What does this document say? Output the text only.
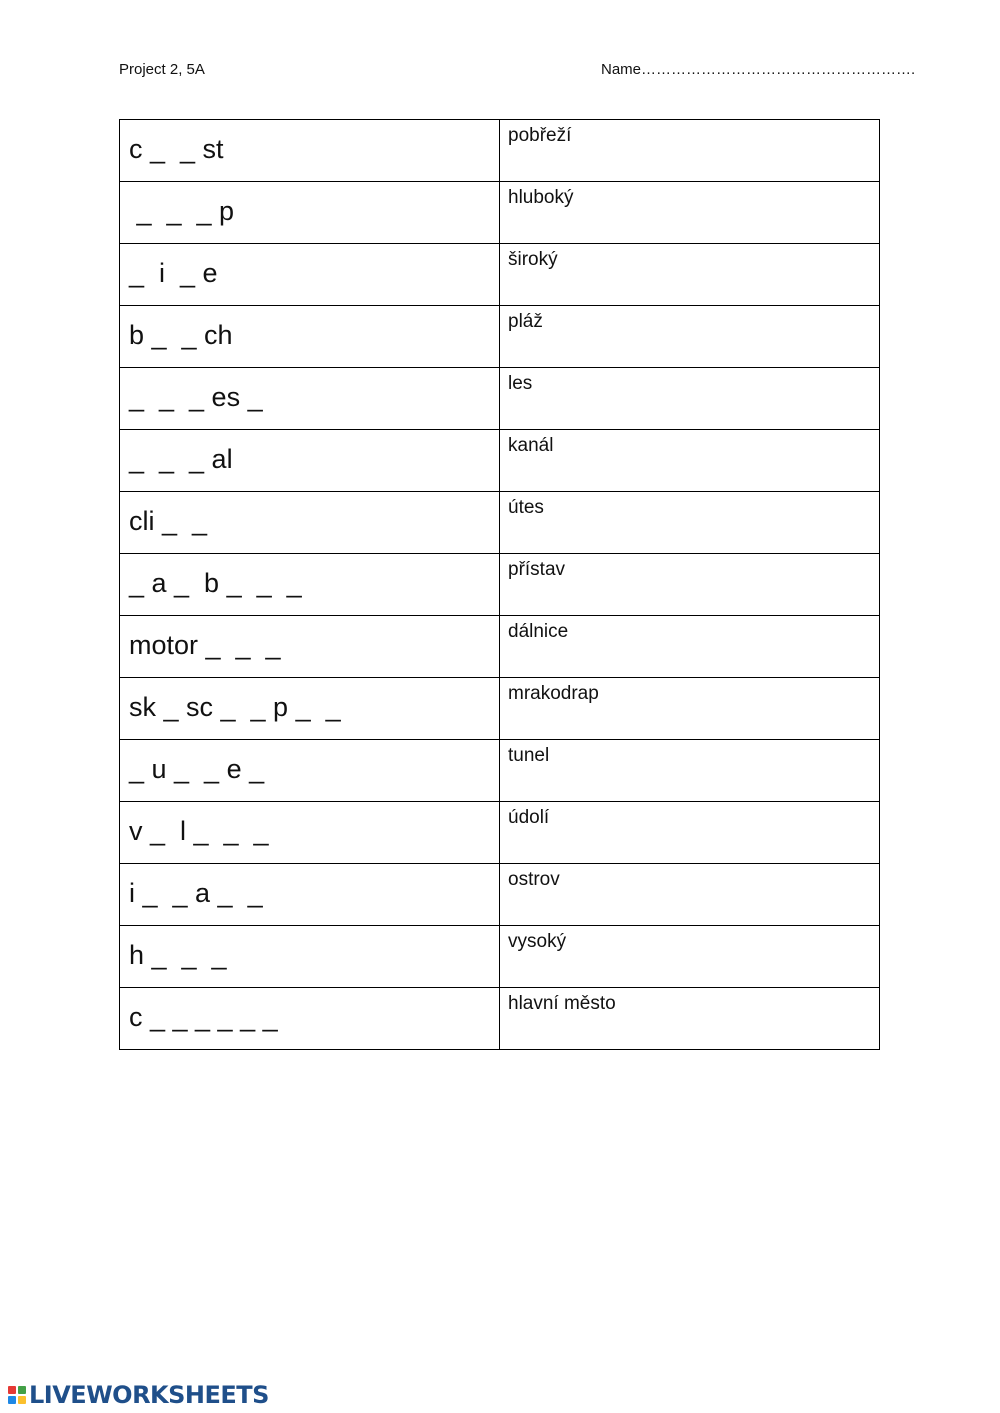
Project 2, 5A	Name……………………………………………….
c _  _ st	pobřeží
_  _  _ p	hluboký
_  i  _ e	široký
b _  _ ch	pláž
_  _  _ es _	les
_  _  _ al	kanál
cli _  _	útes
_ a _  b _  _  _	přístav
motor _  _  _	dálnice
sk _ sc _  _ p _  _	mrakodrap
_ u _  _ e _	tunel
v _  l _  _  _	údolí
i _  _ a _  _	ostrov
h _  _  _	vysoký
c _ _ _ _ _ _	hlavní město
LIVEWORKSHEETS
